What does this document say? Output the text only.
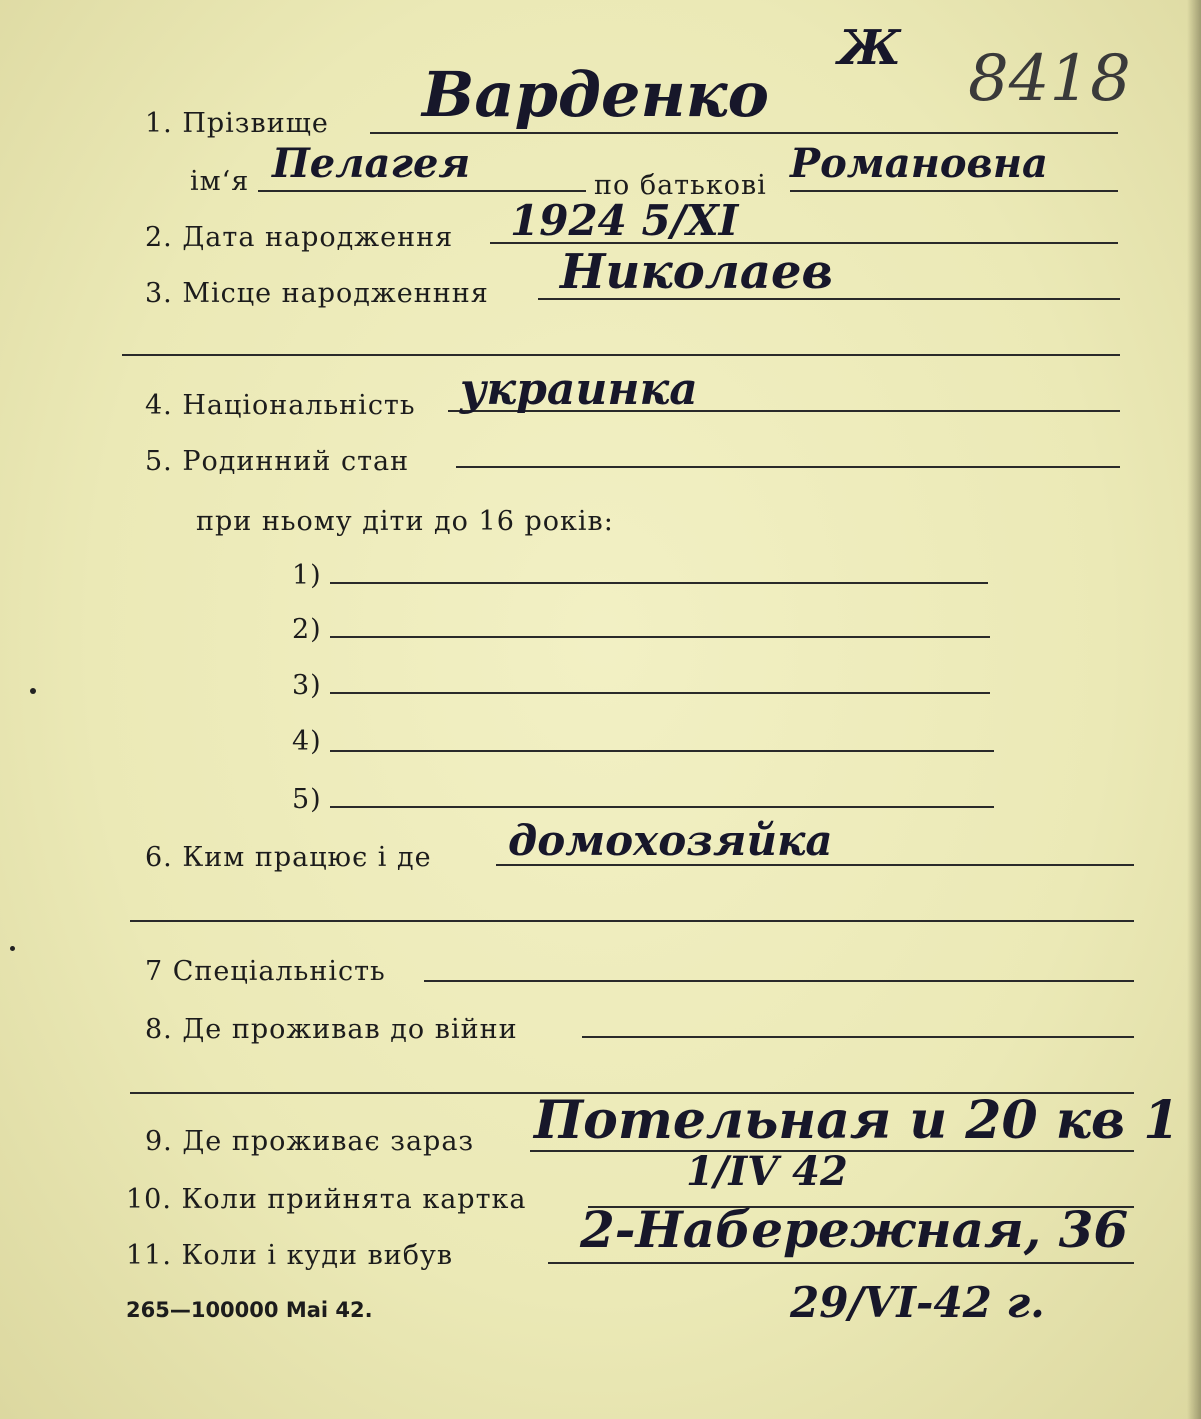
Ж 8418
1. Прізвище Варденко
ім‘я Пелагея	по батькові Романовна
2. Дата народження 1924 5/XI
3. Місце народженння Николаев
4. Національність украинка
5. Родинний стан
при ньому діти до 16 років:
1)
2)
3)
4)
5)
6. Ким працює і де домохозяйка
7 Спеціальність
8. Де проживав до війни
9. Де проживає зараз Потельная и 20 кв 1
10. Коли прийнята картка
1/IV 42
11. Коли і куди вибув	2-Набережная, 36
29/VI-42 г.
265—100000 Mai 42.
